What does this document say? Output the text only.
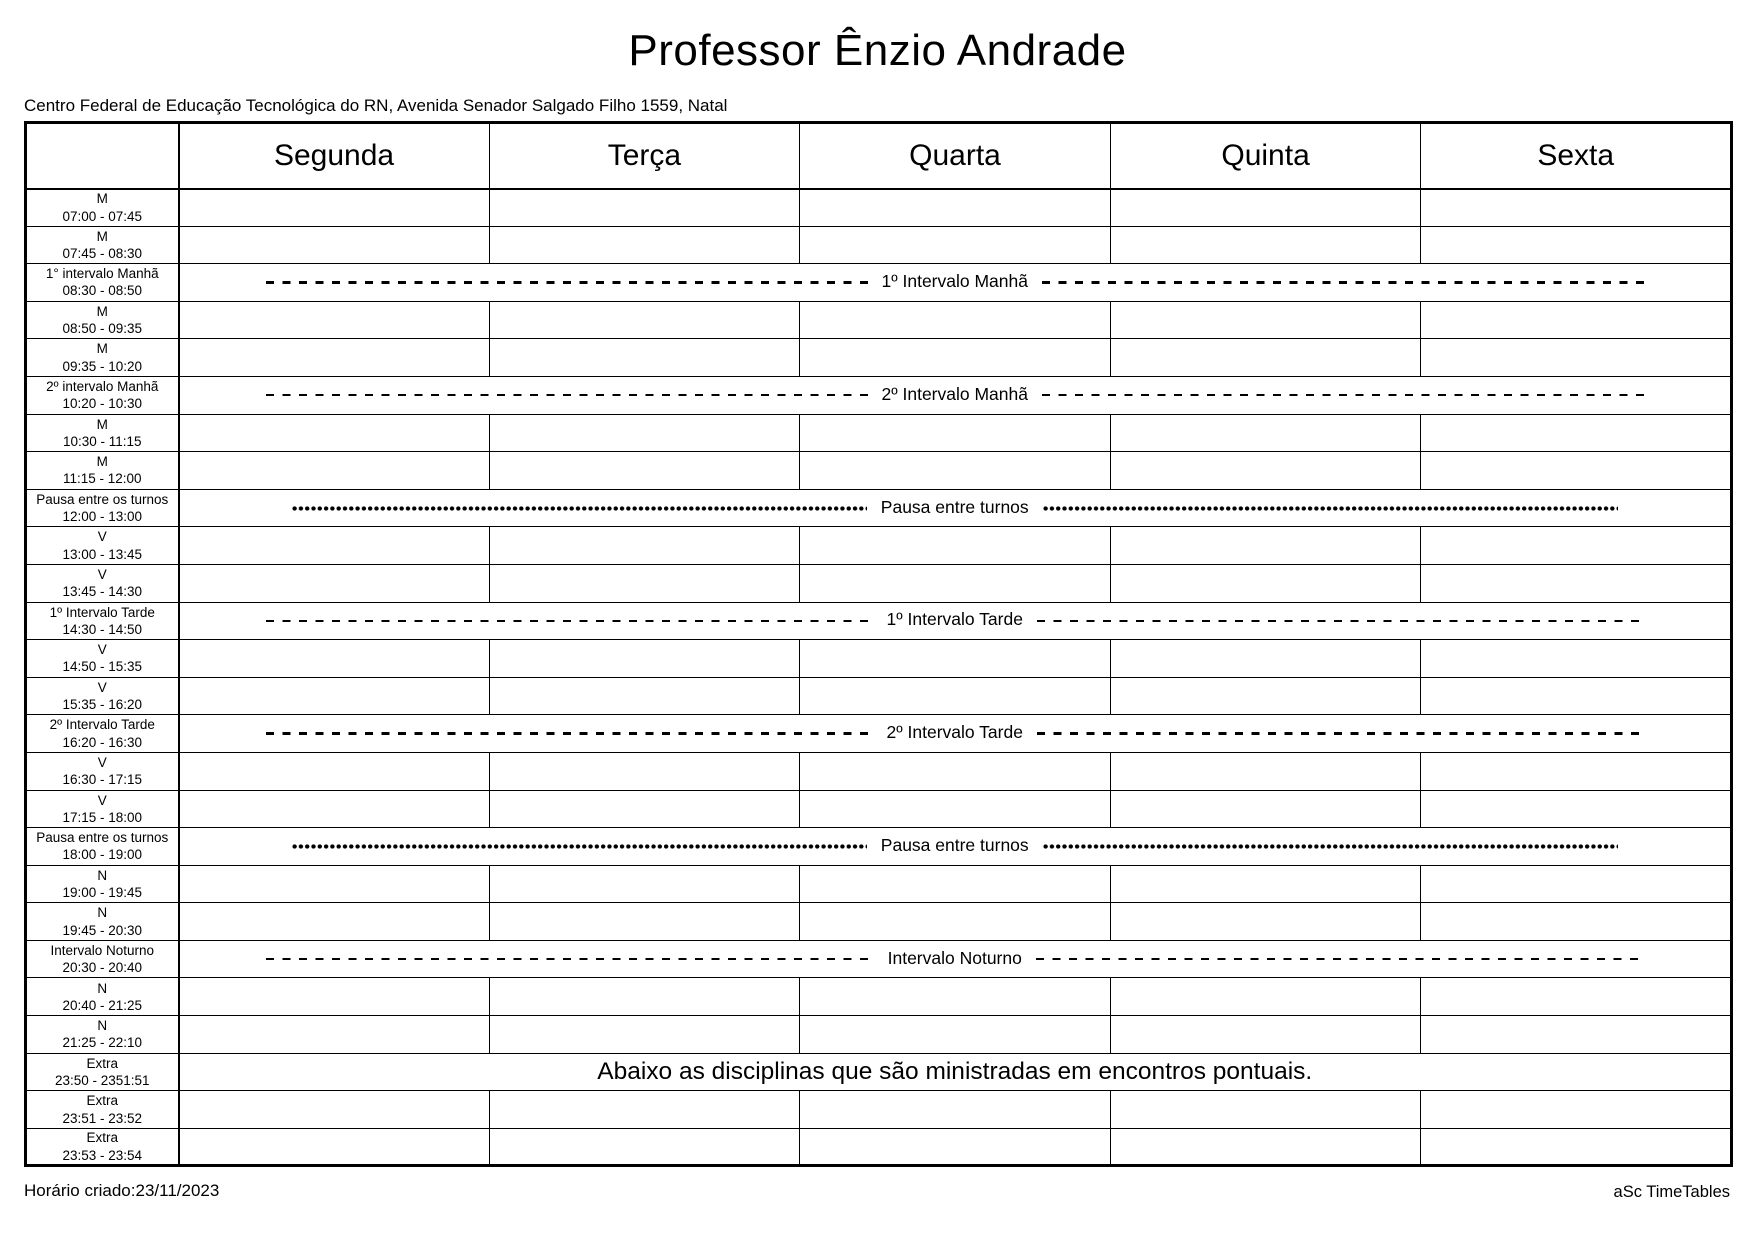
Professor Ênzio Andrade
Centro Federal de Educação Tecnológica do RN, Avenida Senador Salgado Filho 1559, Natal
	Segunda	Terça	Quarta	Quinta	Sexta

M
07:00 - 07:45					

M
07:45 - 08:30					

1° intervalo Manhã
08:30 - 08:50	1º Intervalo Manhã				

M
08:50 - 09:35					

M
09:35 - 10:20					

2º intervalo Manhã
10:20 - 10:30	2º Intervalo Manhã				

M
10:30 - 11:15					

M
11:15 - 12:00					

Pausa entre os turnos
12:00 - 13:00	Pausa entre turnos				

V
13:00 - 13:45					

V
13:45 - 14:30					

1º Intervalo Tarde
14:30 - 14:50	1º Intervalo Tarde				

V
14:50 - 15:35					

V
15:35 - 16:20					

2º Intervalo Tarde
16:20 - 16:30	2º Intervalo Tarde				

V
16:30 - 17:15					

V
17:15 - 18:00					

Pausa entre os turnos
18:00 - 19:00	Pausa entre turnos				

N
19:00 - 19:45					

N
19:45 - 20:30					

Intervalo Noturno
20:30 - 20:40	Intervalo Noturno				

N
20:40 - 21:25					

N
21:25 - 22:10					

Extra
23:50 - 2351:51	Abaixo as disciplinas que são ministradas em encontros pontuais.				

Extra
23:51 - 23:52					

Extra
23:53 - 23:54					

Horário criado:23/11/2023	aSc TimeTables
